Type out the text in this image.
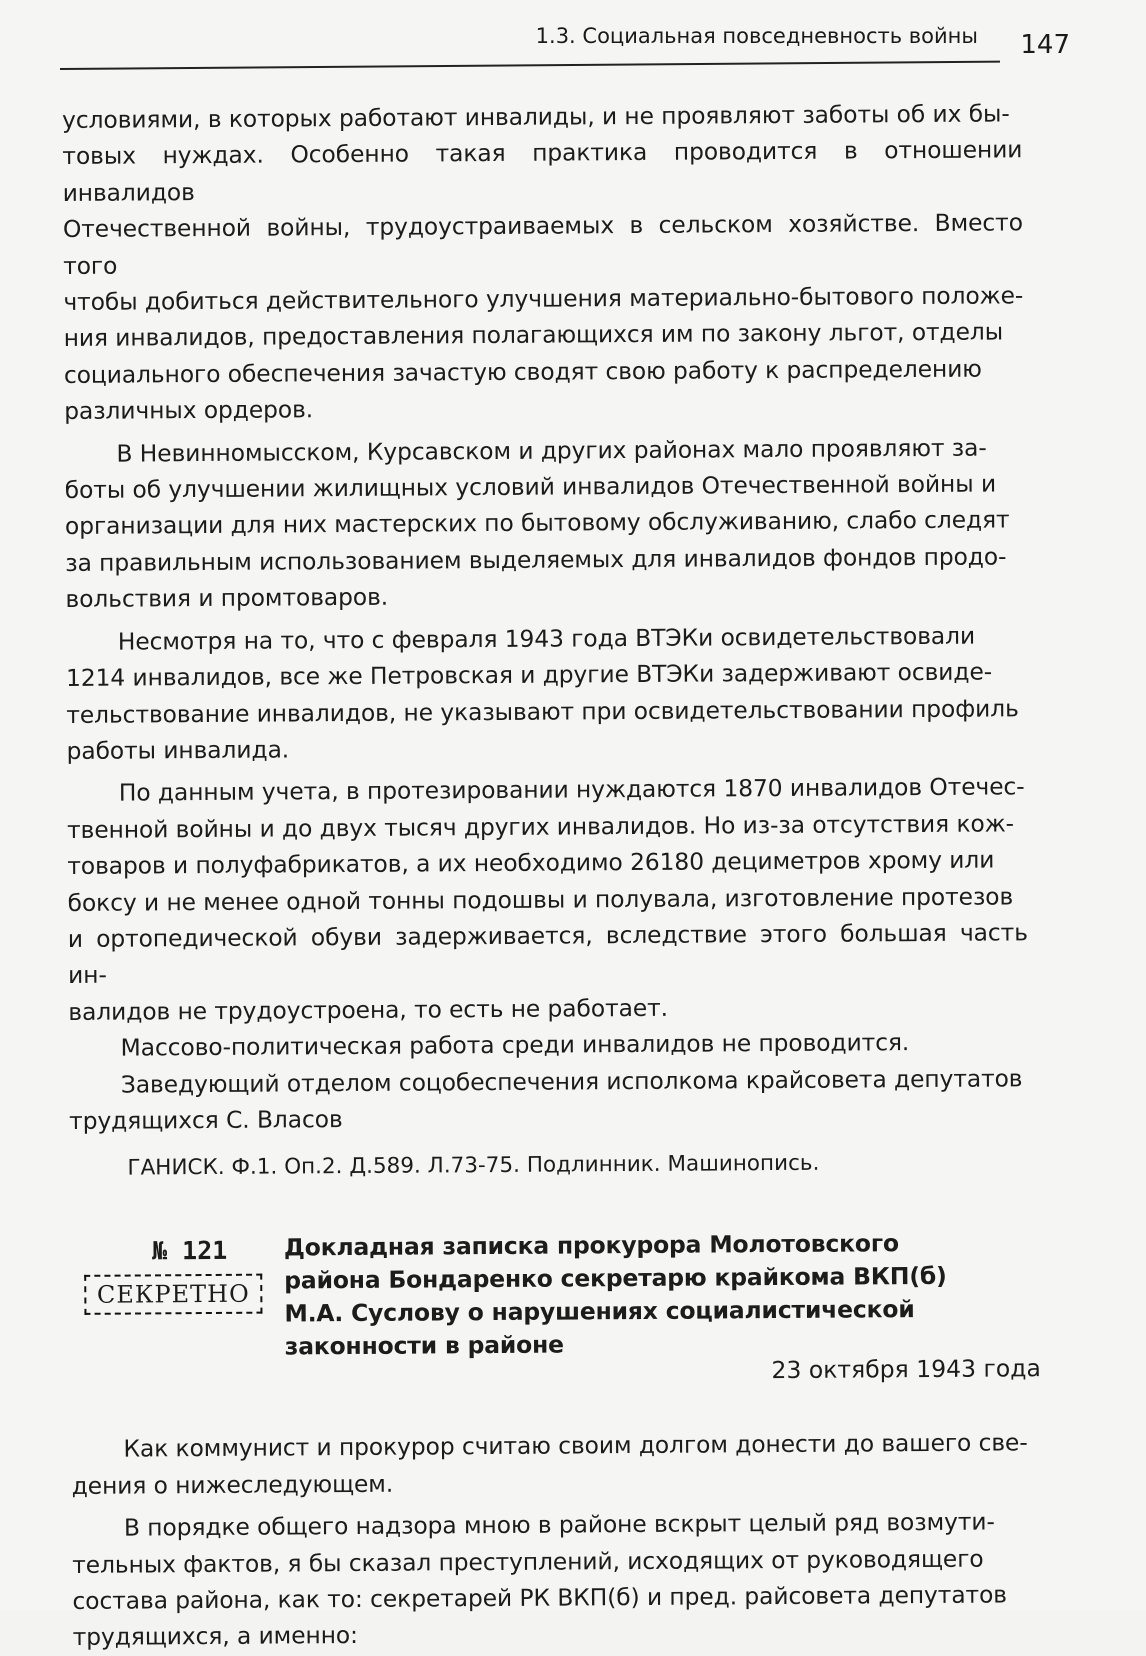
1.3. Социальная повседневность войны 147
условиями, в которых работают инвалиды, и не проявляют заботы об их бы-
товых нуждах. Особенно такая практика проводится в отношении инвалидов
Отечественной войны, трудоустраиваемых в сельском хозяйстве. Вместо того
чтобы добиться действительного улучшения материально-бытового положе-
ния инвалидов, предоставления полагающихся им по закону льгот, отделы
социального обеспечения зачастую сводят свою работу к распределению
различных ордеров.
В Невинномысском, Курсавском и других районах мало проявляют за-
боты об улучшении жилищных условий инвалидов Отечественной войны и
организации для них мастерских по бытовому обслуживанию, слабо следят
за правильным использованием выделяемых для инвалидов фондов продо-
вольствия и промтоваров.
Несмотря на то, что с февраля 1943 года ВТЭКи освидетельствовали
1214 инвалидов, все же Петровская и другие ВТЭКи задерживают освиде-
тельствование инвалидов, не указывают при освидетельствовании профиль
работы инвалида.
По данным учета, в протезировании нуждаются 1870 инвалидов Отечес-
твенной войны и до двух тысяч других инвалидов. Но из-за отсутствия кож-
товаров и полуфабрикатов, а их необходимо 26180 дециметров хрому или
боксу и не менее одной тонны подошвы и полувала, изготовление протезов
и ортопедической обуви задерживается, вследствие этого большая часть ин-
валидов не трудоустроена, то есть не работает.
Массово-политическая работа среди инвалидов не проводится.
Заведующий отделом соцобеспечения исполкома крайсовета депутатов
трудящихся С. Власов

ГАНИСК. Ф.1. Оп.2. Д.589. Л.73-75. Подлинник. Машинопись.

№ 121
СЕКРЕТНО
Докладная записка прокурора Молотовского района Бондаренко секретарю крайкома ВКП(б) М.А. Суслову о нарушениях социалистической законности в районе
23 октября 1943 года
Как коммунист и прокурор считаю своим долгом донести до вашего све-
дения о нижеследующем.
В порядке общего надзора мною в районе вскрыт целый ряд возмути-
тельных фактов, я бы сказал преступлений, исходящих от руководящего
состава района, как то: секретарей РК ВКП(б) и пред. райсовета депутатов
трудящихся, а именно:
